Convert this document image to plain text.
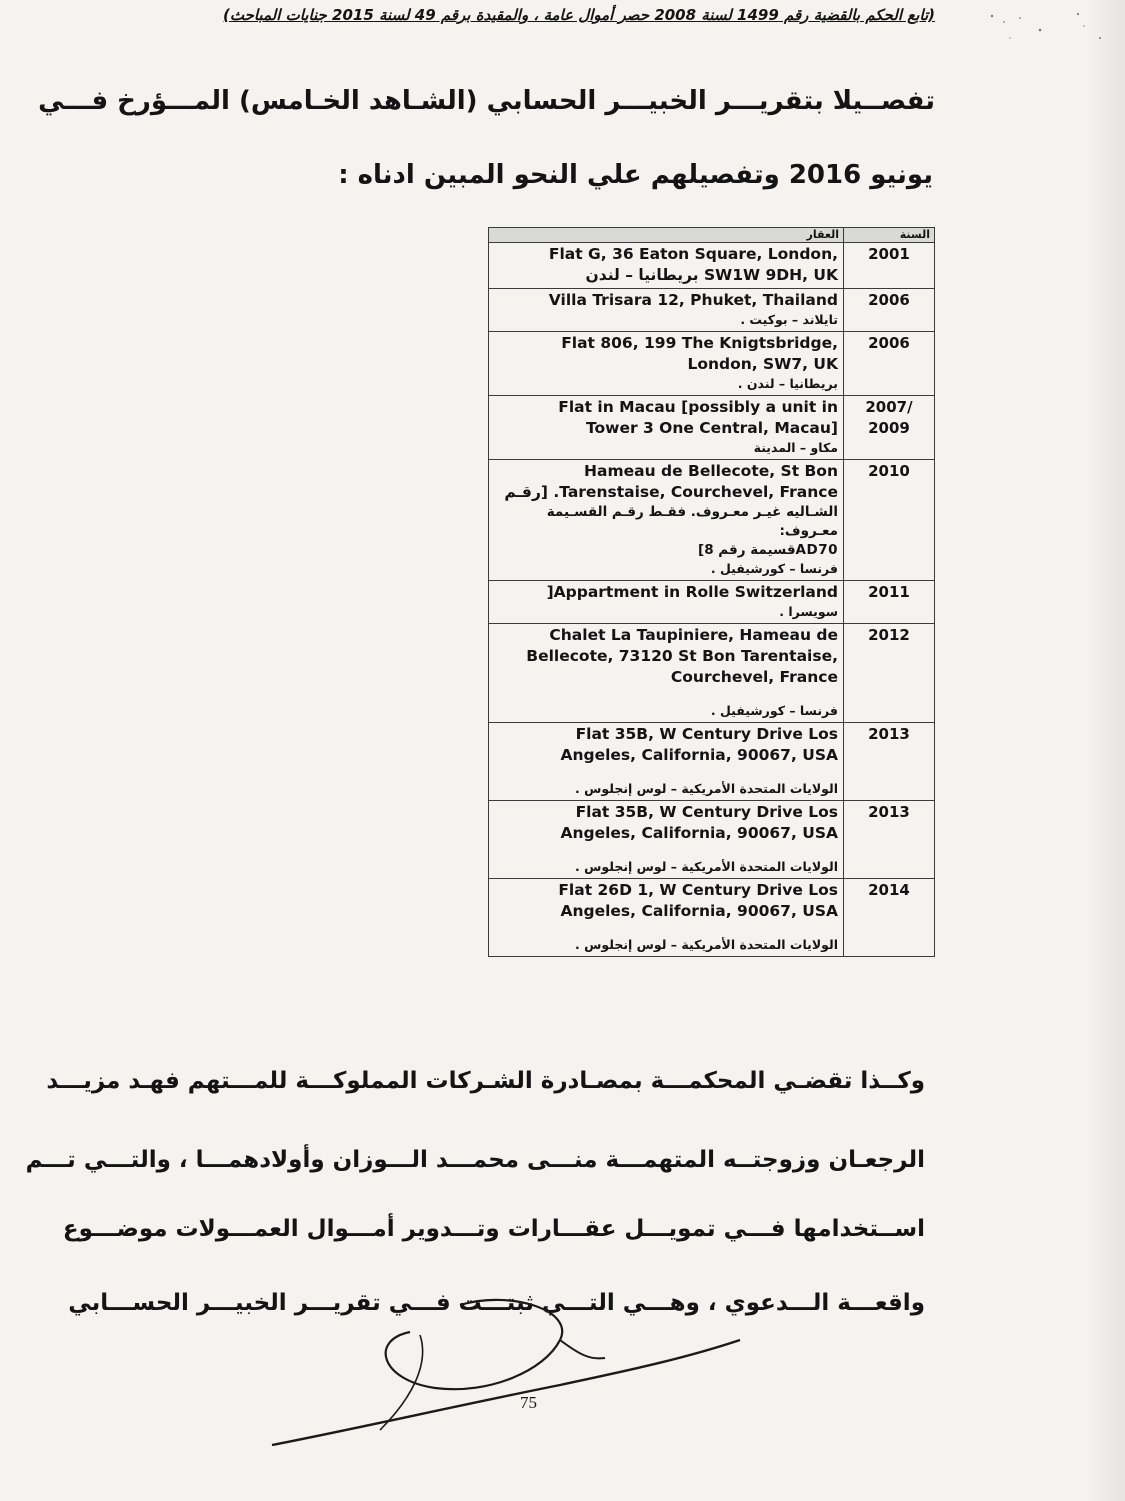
(تابع الحكم بالقضية رقم 1499 لسنة 2008 حصر أموال عامة ، والمقيدة برقم 49 لسنة 2015 جنايات المباحث)
تفصــيلا بتقريـــر الخبيـــر الحسابي (الشـاهد الخـامس) المـــؤرخ فـــي
يونيو 2016 وتفصيلهم علي النحو المبين ادناه :
السنة	العقار
2001	Flat G, 36 Eaton Square, London,
SW1W 9DH, UK بريطانيا – لندن

2006	Villa Trisara 12, Phuket, Thailand
تايلاند – بوكيت .

2006	Flat 806, 199 The Knigtsbridge,
London, SW7, UK
بريطانيا – لندن .

/2007 2009	Flat in Macau [possibly a unit in
Tower 3 One Central, Macau]
مكاو – المدينة

2010	Hameau de Bellecote, St Bon
Tarenstaise, Courchevel, France. [رقـم
الشـاليه غيـر معـروف. فقـط رقـم القسـيمة معـروف:
AD70قسيمة رقم 8]
فرنسا – كورشيفيل .

2011	]Appartment in Rolle Switzerland
سويسرا .

2012	Chalet La Taupiniere, Hameau de
Bellecote, 73120 St Bon Tarentaise,
Courchevel, France
فرنسا – كورشيفيل .

2013	Flat 35B, W Century Drive Los
Angeles, California, 90067, USA
الولايات المتحدة الأمريكية – لوس إنجلوس .

2013	Flat 35B, W Century Drive Los
Angeles, California, 90067, USA
الولايات المتحدة الأمريكية – لوس إنجلوس .

2014	Flat 26D 1, W Century Drive Los
Angeles, California, 90067, USA
الولايات المتحدة الأمريكية – لوس إنجلوس .
وكــذا تقضـي المحكمـــة بمصـادرة الشـركات المملوكـــة للمـــتهم فهـد مزيـــد
الرجعـان وزوجتــه المتهمـــة منـــى محمـــد الـــوزان وأولادهمـــا ، والتـــي تـــم
اســتخدامها فـــي تمويـــل عقـــارات وتـــدوير أمـــوال العمـــولات موضـــوع
واقعـــة الـــدعوي ، وهـــي التـــي ثبتـــت فـــي تقريـــر الخبيـــر الحســـابي
75
